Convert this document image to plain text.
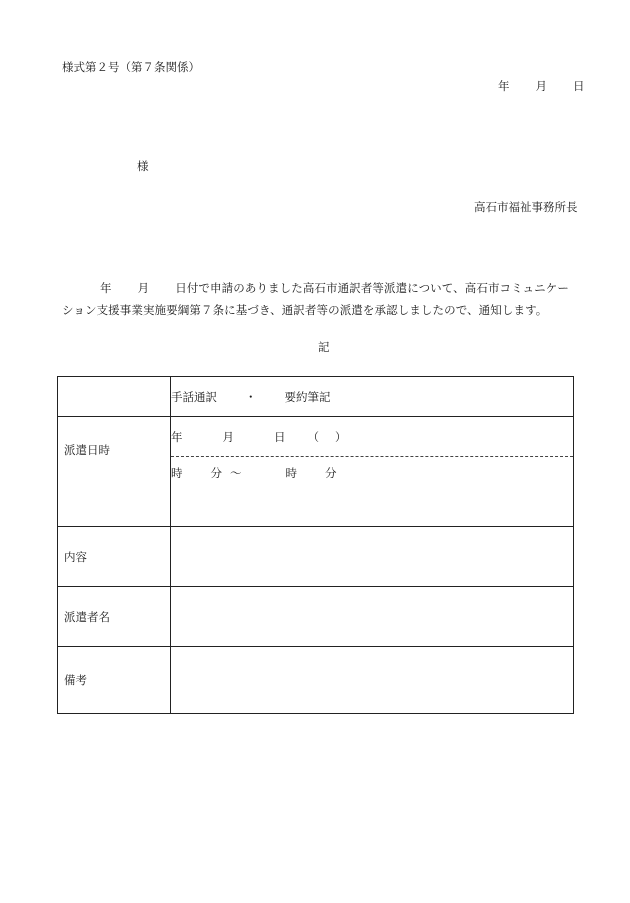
様式第２号（第７条関係）
年 月 日
様
高石市福祉事務所長
年 月 日付で申請のありました高石市通訳者等派遣について、高石市コミュニケー
ション支援事業実施要綱第７条に基づき、通訳者等の派遣を承認しましたので、通知します。
記
	手話通訳 ・ 要約筆記
派遣日時	年 月 日 （ ）
	時 分 ～ 時 分
内容	
派遣者名	
備考	
